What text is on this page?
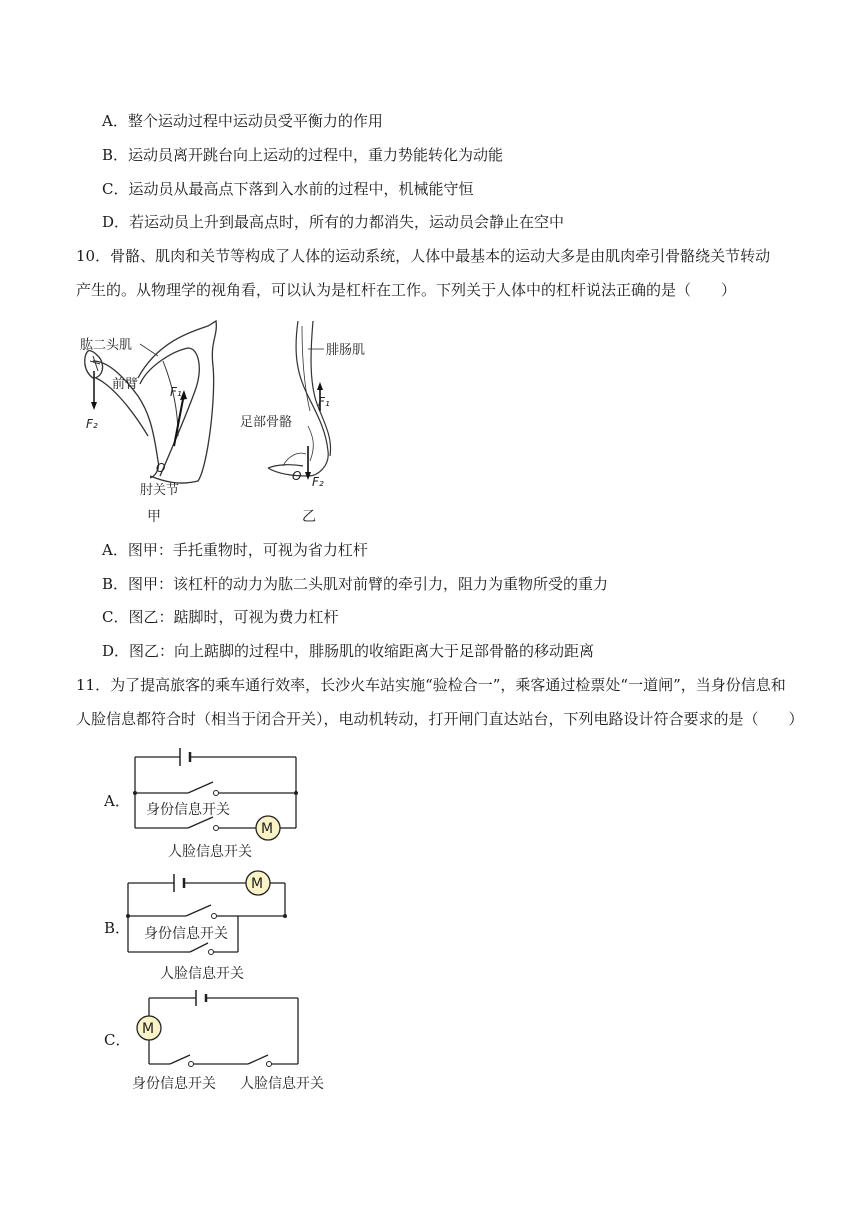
A．整个运动过程中运动员受平衡力的作用
B．运动员离开跳台向上运动的过程中，重力势能转化为动能
C．运动员从最高点下落到入水前的过程中，机械能守恒
D．若运动员上升到最高点时，所有的力都消失，运动员会静止在空中
10．骨骼、肌肉和关节等构成了人体的运动系统，人体中最基本的运动大多是由肌肉牵引骨骼绕关节转动
产生的。从物理学的视角看，可以认为是杠杆在工作。下列关于人体中的杠杆说法正确的是（　　）
肱二头肌
前臂	F₁
F₂
O
肘关节
甲
腓肠肌
F₁
足部骨骼
O F₂
乙
A．图甲：手托重物时，可视为省力杠杆
B．图甲：该杠杆的动力为肱二头肌对前臂的牵引力，阻力为重物所受的重力
C．图乙：踮脚时，可视为费力杠杆
D．图乙：向上踮脚的过程中，腓肠肌的收缩距离大于足部骨骼的移动距离
11．为了提高旅客的乘车通行效率，长沙火车站实施“验检合一”，乘客通过检票处“一道闸”，当身份信息和
人脸信息都符合时（相当于闭合开关），电动机转动，打开闸门直达站台，下列电路设计符合要求的是（　　）
A．
M
身份信息开关
人脸信息开关
B．
M
身份信息开关
人脸信息开关
C．
M
身份信息开关 人脸信息开关
